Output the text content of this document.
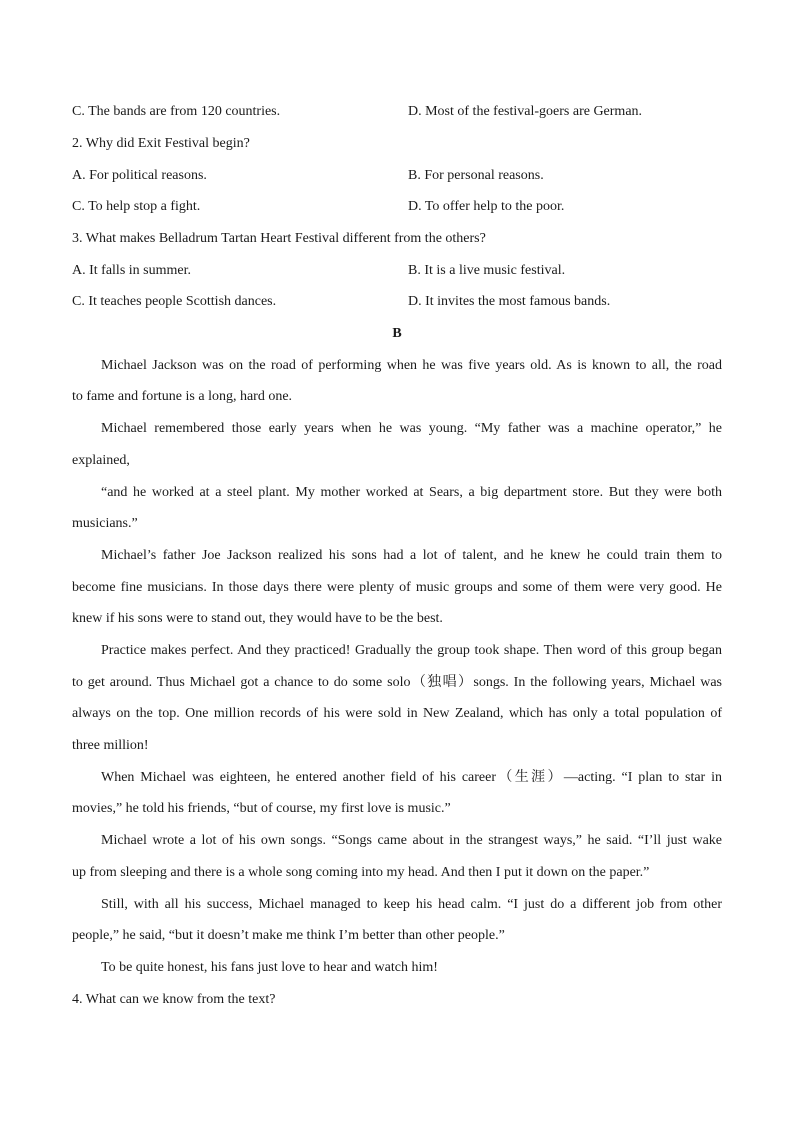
C. The bands are from 120 countries.	D. Most of the festival-goers are German.
2. Why did Exit Festival begin?
A. For political reasons.	B. For personal reasons.
C. To help stop a fight.	D. To offer help to the poor.
3. What makes Belladrum Tartan Heart Festival different from the others?
A. It falls in summer.	B. It is a live music festival.
C. It teaches people Scottish dances.	D. It invites the most famous bands.
B
Michael Jackson was on the road of performing when he was five years old. As is known to all, the road
to fame and fortune is a long, hard one.
Michael remembered those early years when he was young. “My father was a machine operator,” he
explained,
“and he worked at a steel plant. My mother worked at Sears, a big department store. But they were both
musicians.”
Michael’s father Joe Jackson realized his sons had a lot of talent, and he knew he could train them to
become fine musicians. In those days there were plenty of music groups and some of them were very good. He
knew if his sons were to stand out, they would have to be the best.
Practice makes perfect. And they practiced! Gradually the group took shape. Then word of this group began
to get around. Thus Michael got a chance to do some solo（独唱）songs. In the following years, Michael was
always on the top. One million records of his were sold in New Zealand, which has only a total population of
three million!
When Michael was eighteen, he entered another field of his career（生涯）—acting. “I plan to star in
movies,” he told his friends, “but of course, my first love is music.”
Michael wrote a lot of his own songs. “Songs came about in the strangest ways,” he said. “I’ll just wake
up from sleeping and there is a whole song coming into my head. And then I put it down on the paper.”
Still, with all his success, Michael managed to keep his head calm. “I just do a different job from other
people,” he said, “but it doesn’t make me think I’m better than other people.”
To be quite honest, his fans just love to hear and watch him!
4. What can we know from the text?
